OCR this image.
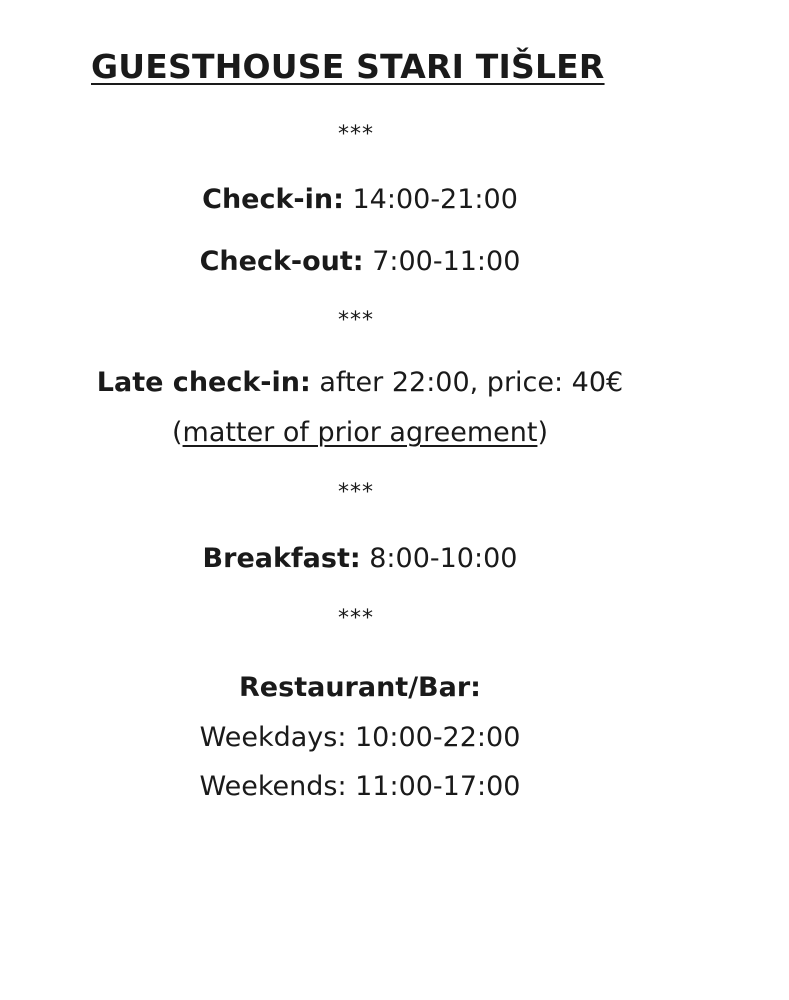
GUESTHOUSE STARI TIŠLER
***
Check-in: 14:00-21:00
Check-out: 7:00-11:00
***
Late check-in: after 22:00, price: 40€
(matter of prior agreement)
***
Breakfast: 8:00-10:00
***
Restaurant/Bar:
Weekdays: 10:00-22:00
Weekends: 11:00-17:00
